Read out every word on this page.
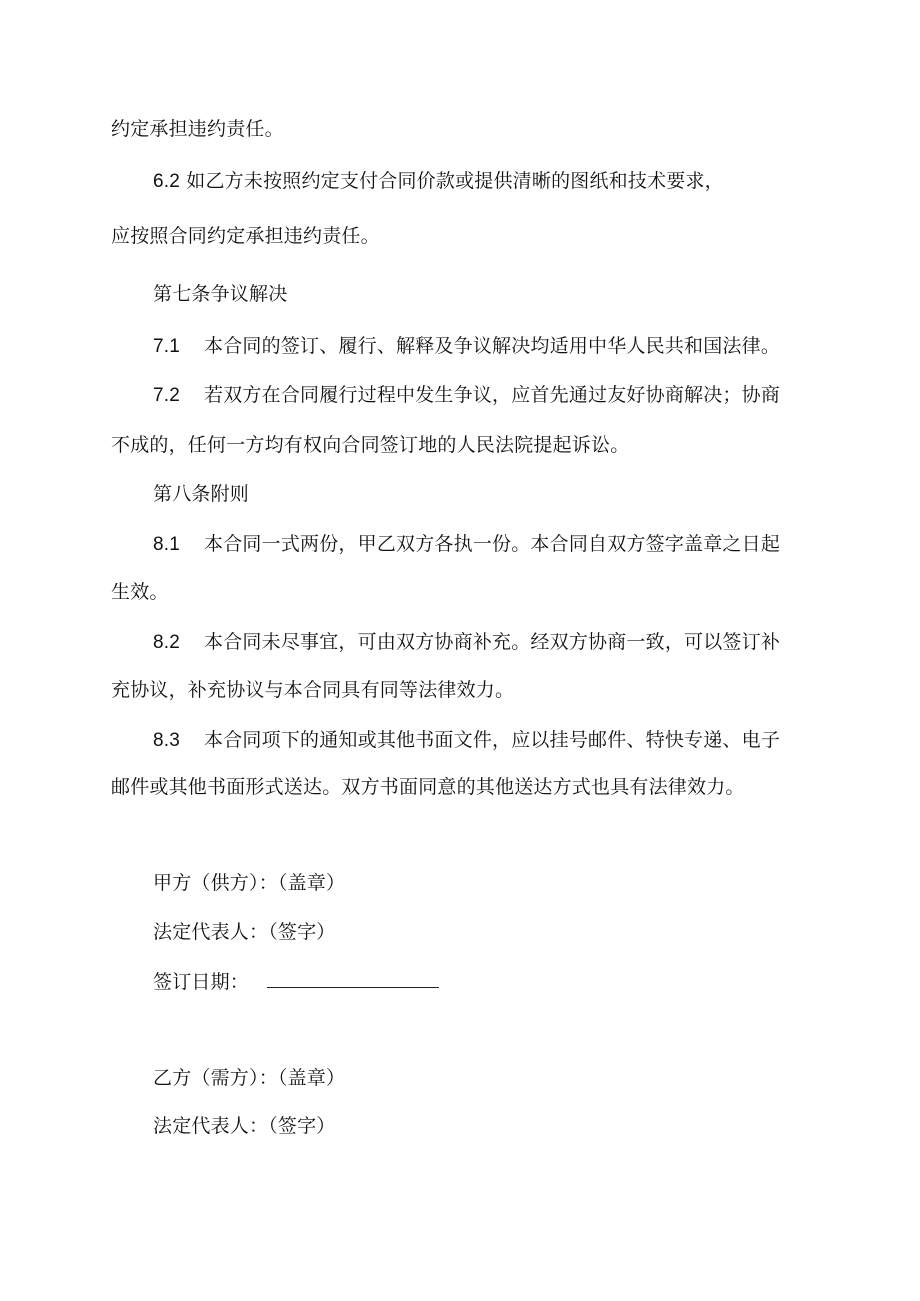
约定承担违约责任。
6.2 如乙方未按照约定支付合同价款或提供清晰的图纸和技术要求，
应按照合同约定承担违约责任。
第七条争议解决
7.1 本合同的签订、履行、解释及争议解决均适用中华人民共和国法律。
7.2 若双方在合同履行过程中发生争议，应首先通过友好协商解决；协商
不成的，任何一方均有权向合同签订地的人民法院提起诉讼。
第八条附则
8.1 本合同一式两份，甲乙双方各执一份。本合同自双方签字盖章之日起
生效。
8.2 本合同未尽事宜，可由双方协商补充。经双方协商一致，可以签订补
充协议，补充协议与本合同具有同等法律效力。
8.3 本合同项下的通知或其他书面文件，应以挂号邮件、特快专递、电子
邮件或其他书面形式送达。双方书面同意的其他送达方式也具有法律效力。
甲方（供方）：（盖章）
法定代表人：（签字）
签订日期：
乙方（需方）：（盖章）
法定代表人：（签字）
